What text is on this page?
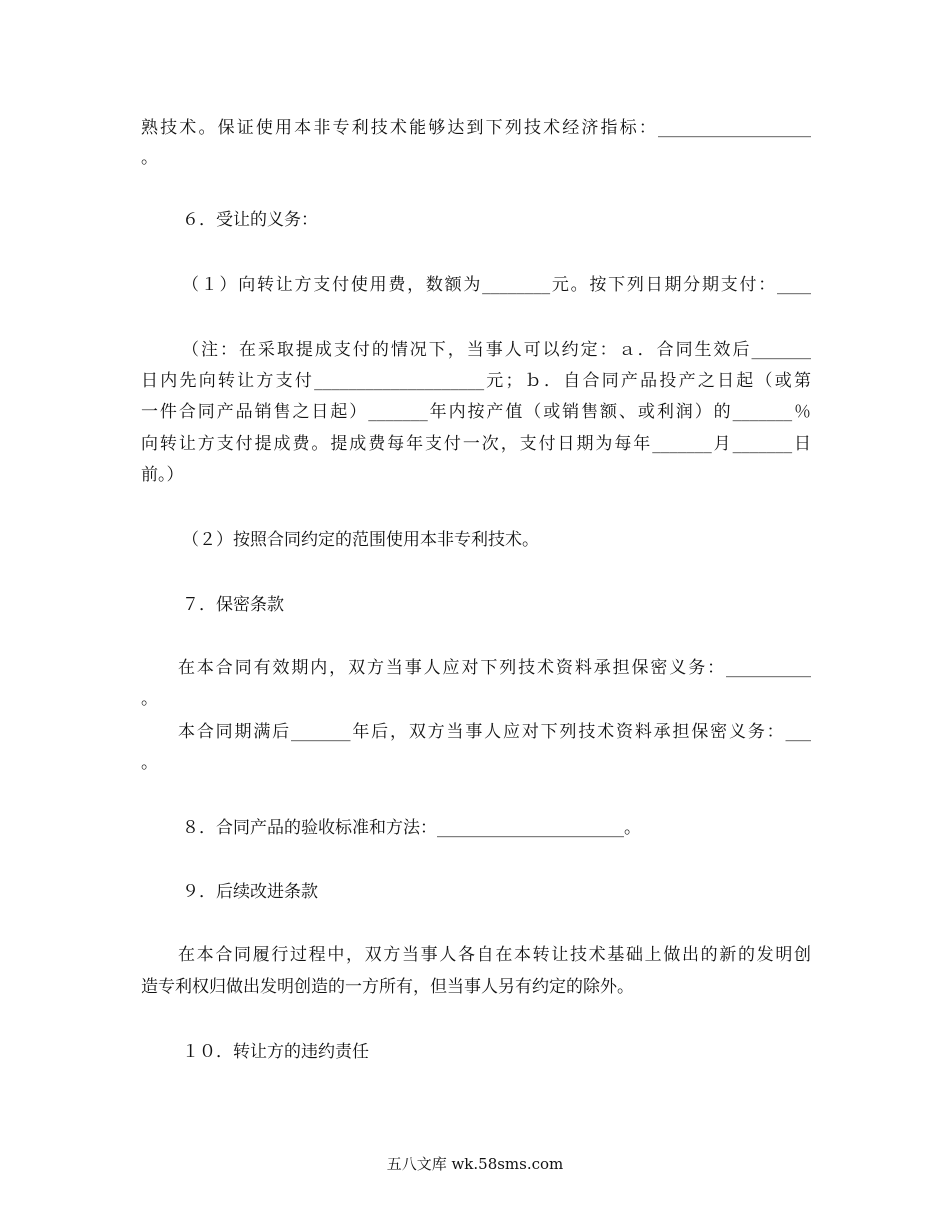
熟技术。保证使用本非专利技术能够达到下列技术经济指标：__________________
。
６．受让的义务：
（１）向转让方支付使用费，数额为________元。按下列日期分期支付：____
（注：在采取提成支付的情况下，当事人可以约定：ａ．合同生效后_______
日内先向转让方支付____________________元；ｂ．自合同产品投产之日起（或第
一件合同产品销售之日起）_______年内按产值（或销售额、或利润）的_______％
向转让方支付提成费。提成费每年支付一次，支付日期为每年_______月_______日
前。）
（２）按照合同约定的范围使用本非专利技术。
７．保密条款
在本合同有效期内，双方当事人应对下列技术资料承担保密义务：__________
。
本合同期满后_______年后，双方当事人应对下列技术资料承担保密义务：___
。
８．合同产品的验收标准和方法：______________________。
９．后续改进条款
在本合同履行过程中，双方当事人各自在本转让技术基础上做出的新的发明创
造专利权归做出发明创造的一方所有，但当事人另有约定的除外。
１０．转让方的违约责任
五八文库 wk.58sms.com
